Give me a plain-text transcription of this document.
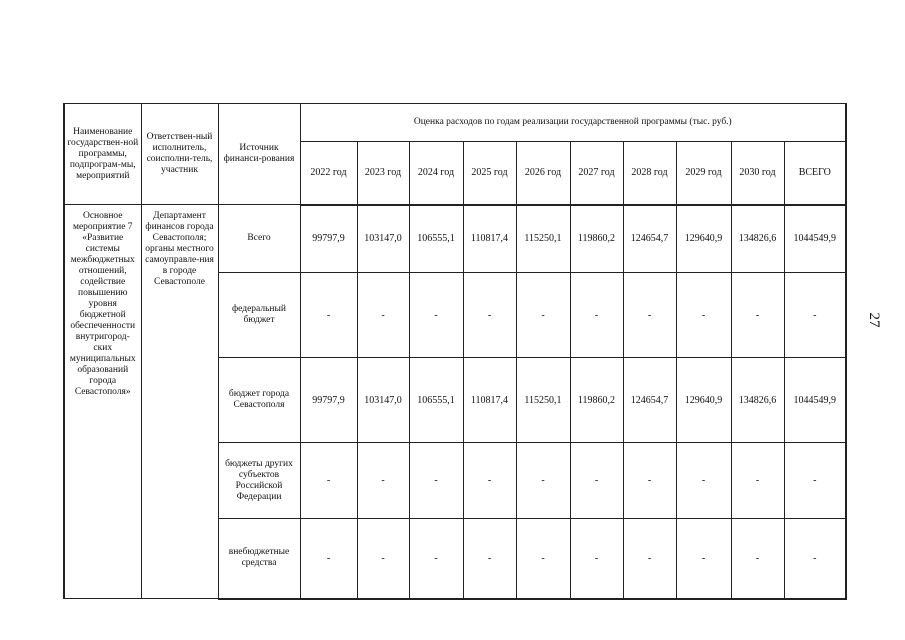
27
Наименование государствен-ной программы, подпрограм-мы, мероприятий	Ответствен-ный исполнитель, соисполни-тель, участник	Источник финанси-рования	Оценка расходов по годам реализации государственной программы (тыс. руб.)									
			2022 год	2023 год	2024 год	2025 год	2026 год	2027 год	2028 год	2029 год	2030 год	ВСЕГО
Основное мероприятие 7 «Развитие системы межбюджетных отношений, содействие повышению уровня бюджетной обеспеченности внутригород-ских муниципальных образований города Севастополя»	Департамент финансов города Севастополя; органы местного самоуправле-ния в городе Севастополе	Всего	99797,9	103147,0	106555,1	110817,4	115250,1	119860,2	124654,7	129640,9	134826,6	1044549,9
		федеральный бюджет	-	-	-	-	-	-	-	-	-	-
		бюджет города Севастополя	99797,9	103147,0	106555,1	110817,4	115250,1	119860,2	124654,7	129640,9	134826,6	1044549,9
		бюджеты других субъектов Российской Федерации	-	-	-	-	-	-	-	-	-	-
		внебюджетные средства	-	-	-	-	-	-	-	-	-	-
